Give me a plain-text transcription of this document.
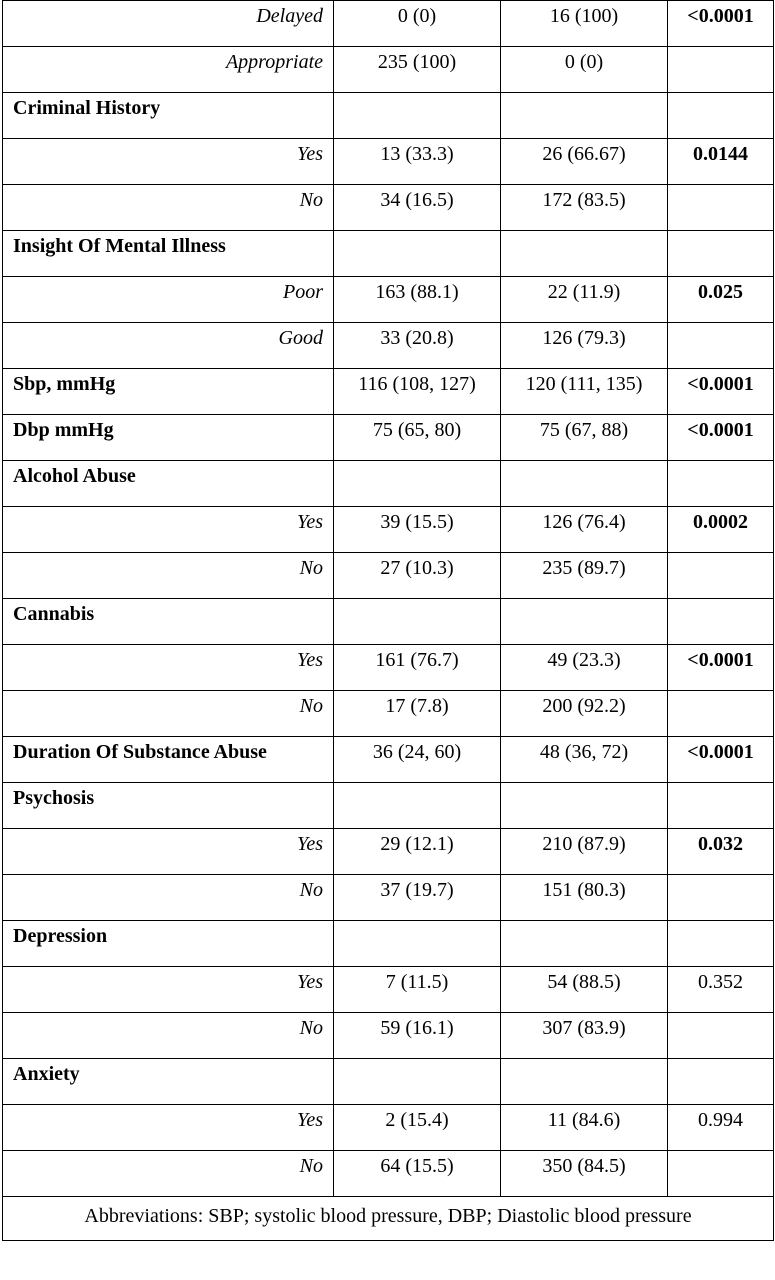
Delayed	0 (0)	16 (100)	<0.0001
Appropriate	235 (100)	0 (0)	
Criminal History			
Yes	13 (33.3)	26 (66.67)	0.0144
No	34 (16.5)	172 (83.5)	
Insight Of Mental Illness			
Poor	163 (88.1)	22 (11.9)	0.025
Good	33 (20.8)	126 (79.3)	
Sbp, mmHg	116 (108, 127)	120 (111, 135)	<0.0001
Dbp mmHg	75 (65, 80)	75 (67, 88)	<0.0001
Alcohol Abuse			
Yes	39 (15.5)	126 (76.4)	0.0002
No	27 (10.3)	235 (89.7)	
Cannabis			
Yes	161 (76.7)	49 (23.3)	<0.0001
No	17 (7.8)	200 (92.2)	
Duration Of Substance Abuse	36 (24, 60)	48 (36, 72)	<0.0001
Psychosis			
Yes	29 (12.1)	210 (87.9)	0.032
No	37 (19.7)	151 (80.3)	
Depression			
Yes	7 (11.5)	54 (88.5)	0.352
No	59 (16.1)	307 (83.9)	
Anxiety			
Yes	2 (15.4)	11 (84.6)	0.994
No	64 (15.5)	350 (84.5)	
Abbreviations: SBP; systolic blood pressure, DBP; Diastolic blood pressure			
